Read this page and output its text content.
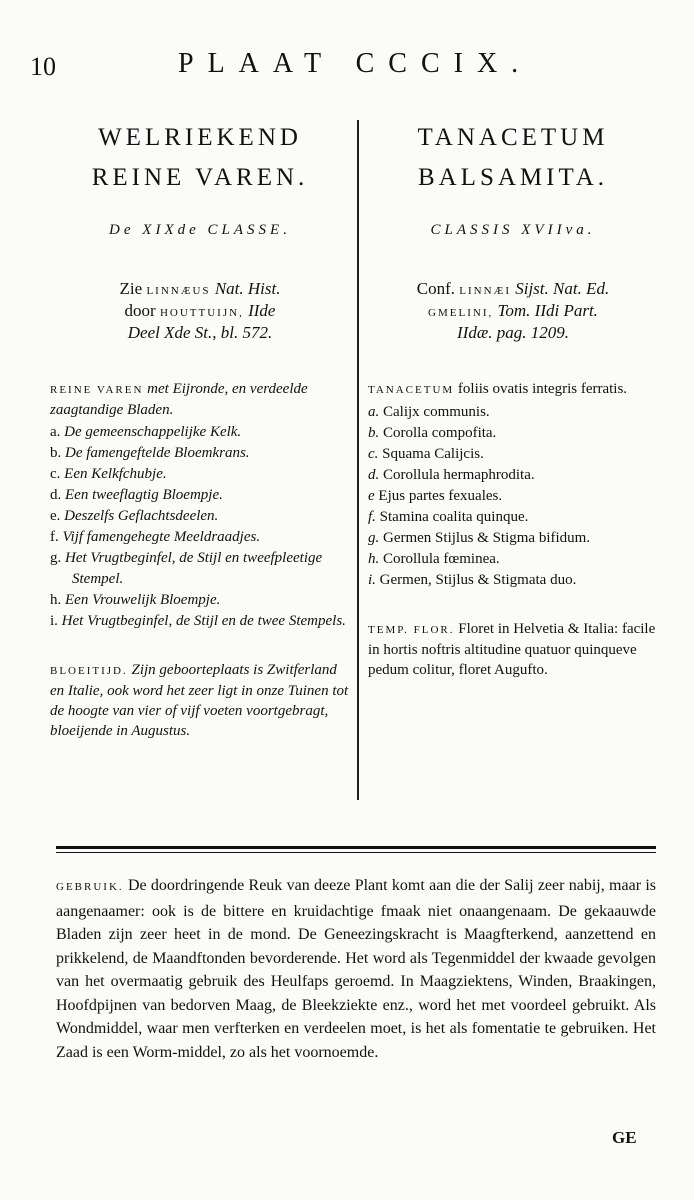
10	PLAAT CCCIX.
WELRIEKEND
REINE VAREN.
De XIXde CLASSE.
Zie LINNÆUS Nat. Hist.
door HOUTTUIJN, IIde
Deel Xde St., bl. 572.
REINE VAREN met Eijronde, en verdeelde zaagtandige Bladen.
a. De gemeenschappelijke Kelk.
b. De famengeftelde Bloemkrans.
c. Een Kelkfchubje.
d. Een tweeflagtig Bloempje.
e. Deszelfs Geflachtsdeelen.
f. Vijf famengehegte Meeldraadjes.
g. Het Vrugtbeginfel, de Stijl en tweefpleetige Stempel.
h. Een Vrouwelijk Bloempje.
i. Het Vrugtbeginfel, de Stijl en de twee Stempels.
BLOEITIJD. Zijn geboorteplaats is Zwitferland en Italie, ook word het zeer ligt in onze Tuinen tot de hoogte van vier of vijf voeten voortgebragt, bloeijende in Augustus.
TANACETUM
BALSAMITA.
CLASSIS XVIIva.
Conf. LINNÆI Sijst. Nat. Ed.
GMELINI, Tom. IIdi Part.
IIdæ. pag. 1209.
TANACETUM foliis ovatis integris ferratis.
a. Calijx communis.
b. Corolla compofita.
c. Squama Calijcis.
d. Corollula hermaphrodita.
e Ejus partes fexuales.
f. Stamina coalita quinque.
g. Germen Stijlus & Stigma bifidum.
h. Corollula fœminea.
i. Germen, Stijlus & Stigmata duo.
TEMP. FLOR. Floret in Helvetia & Italia: facile in hortis noftris altitudine quatuor quinqueve pedum colitur, floret Augufto.
GEBRUIK. De doordringende Reuk van deeze Plant komt aan die der Salij zeer nabij, maar is aangenaamer: ook is de bittere en kruidachtige fmaak niet onaangenaam. De gekaauwde Bladen zijn zeer heet in de mond. De Geneezingskracht is Maagfterkend, aanzettend en prikkelend, de Maandftonden bevorderende. Het word als Tegenmiddel der kwaade gevolgen van het overmaatig gebruik des Heulfaps geroemd. In Maagziektens, Winden, Braakingen, Hoofdpijnen van bedorven Maag, de Bleekziekte enz., word het met voordeel gebruikt. Als Wondmiddel, waar men verfterken en verdeelen moet, is het als fomentatie te gebruiken. Het Zaad is een Worm-middel, zo als het voornoemde.
GE
